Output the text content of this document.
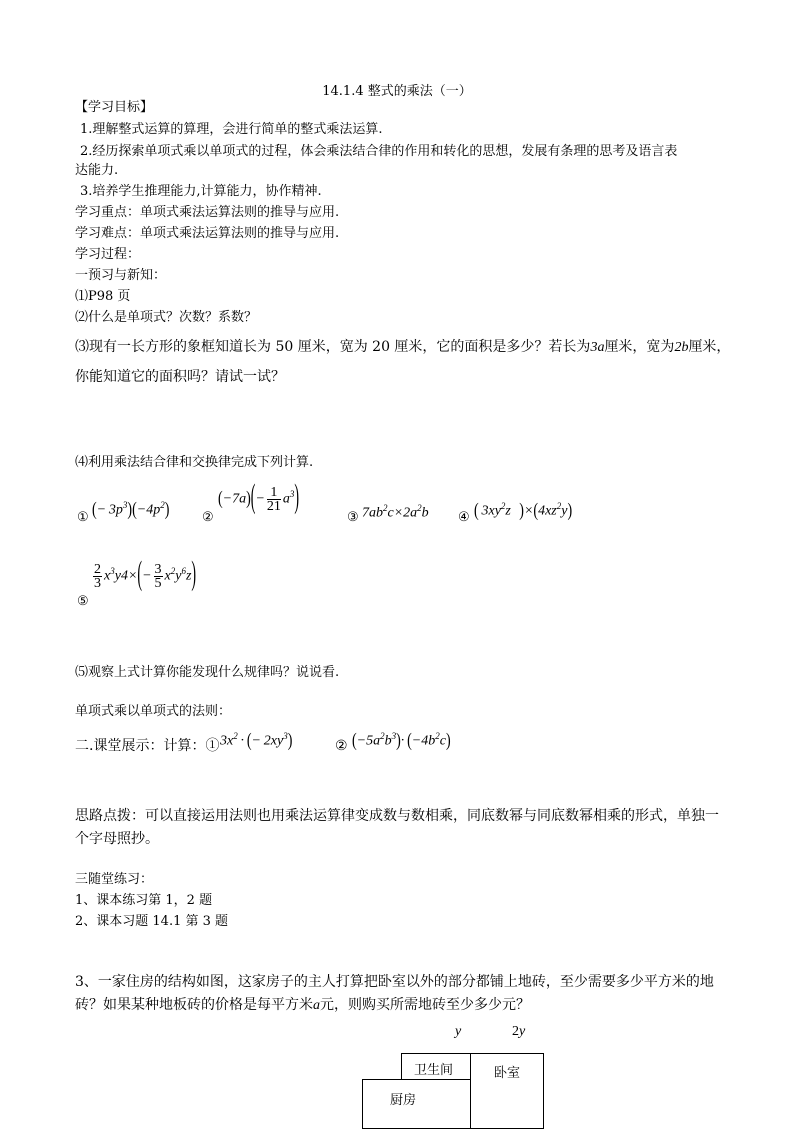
14.1.4 整式的乘法（一）
【学习目标】
1.理解整式运算的算理，会进行简单的整式乘法运算.
2.经历探索单项式乘以单项式的过程，体会乘法结合律的作用和转化的思想，发展有条理的思考及语言表
达能力.
3.培养学生推理能力,计算能力，协作精神.
学习重点：单项式乘法运算法则的推导与应用.
学习难点：单项式乘法运算法则的推导与应用.
学习过程：
一预习与新知：
⑴P98 页
⑵什么是单项式？次数？系数？
⑶现有一长方形的象框知道长为 50 厘米，宽为 20 厘米，它的面积是多少？若长为3a厘米，宽为2b厘米，
你能知道它的面积吗？请试一试？
⑷利用乘法结合律和交换律完成下列计算.
① (− $3p^3)(-4p^2)$	②
$(-7a)(- \frac{1}{21} a^3)$
③ $7ab^2c\times 2a^2b$ ④ ( $3xy^2z$    )$\times(4xz^2y)$
⑤
$\frac{2}{3} x^3y4\times(- \frac{3}{5} x^2y^6z)$
⑸观察上式计算你能发现什么规律吗？说说看.
单项式乘以单项式的法则：
二.课堂展示：计算：① $3x^2$ · (− $2xy^3$)	② $(-5a^2b^3)\cdot (-4b^2c)$
思路点拨：可以直接运用法则也用乘法运算律变成数与数相乘，同底数幂与同底数幂相乘的形式，单独一
个字母照抄。
三随堂练习：
1、课本练习第 1，2 题
2、课本习题 14.1 第 3 题
3、一家住房的结构如图，这家房子的主人打算把卧室以外的部分都铺上地砖，至少需要多少平方米的地
砖？如果某种地板砖的价格是每平方米a元，则购买所需地砖至少多少元？
y	2y
卫生间	卧室
厨房
